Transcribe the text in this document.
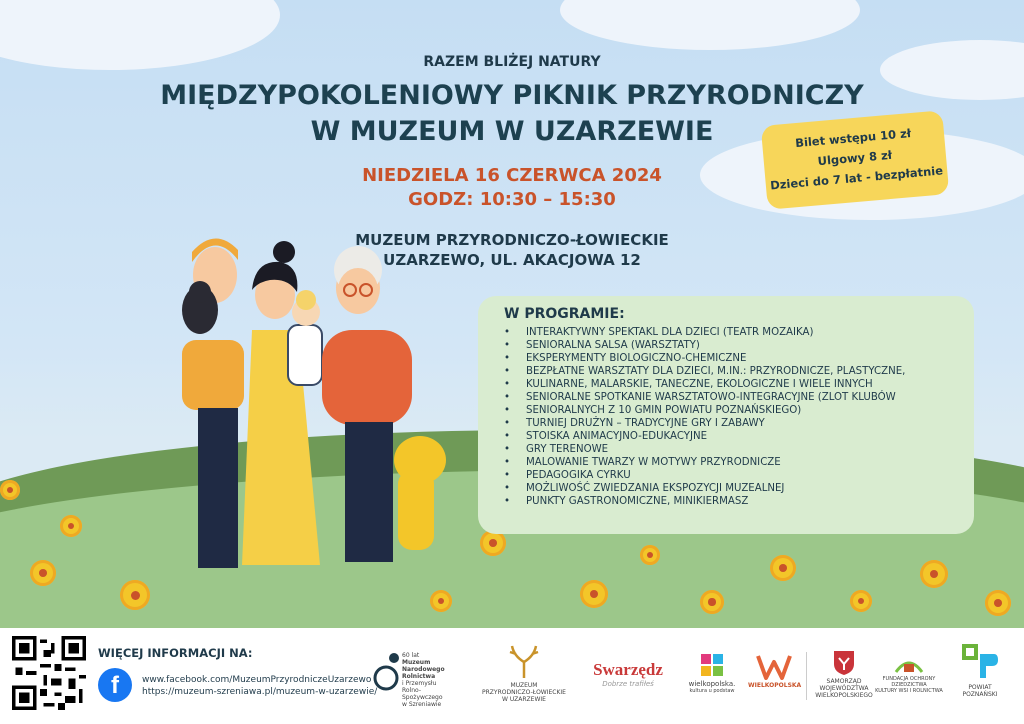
RAZEM BLIŻEJ NATURY
MIĘDZYPOKOLENIOWY PIKNIK PRZYRODNICZY
W MUZEUM W UZARZEWIE
NIEDZIELA 16 CZERWCA 2024
GODZ: 10:30 – 15:30
MUZEUM PRZYRODNICZO-ŁOWIECKIE
UZARZEWO, UL. AKACJOWA 12
Bilet wstępu 10 zł
Ulgowy 8 zł
Dzieci do 7 lat - bezpłatnie
W PROGRAMIE:
• INTERAKTYWNY SPEKTAKL DLA DZIECI (TEATR MOZAIKA)
• SENIORALNA SALSA (WARSZTATY)
• EKSPERYMENTY BIOLOGICZNO-CHEMICZNE
• BEZPŁATNE WARSZTATY DLA DZIECI, M.IN.: PRZYRODNICZE, PLASTYCZNE,
• KULINARNE, MALARSKIE, TANECZNE, EKOLOGICZNE I WIELE INNYCH
• SENIORALNE SPOTKANIE WARSZTATOWO-INTEGRACYJNE (ZLOT KLUBÓW
• SENIORALNYCH Z 10 GMIN POWIATU POZNAŃSKIEGO)
• TURNIEJ DRUŻYN – TRADYCYJNE GRY I ZABAWY
• STOISKA ANIMACYJNO-EDUKACYJNE
• GRY TERENOWE
• MALOWANIE TWARZY W MOTYWY PRZYRODNICZE
• PEDAGOGIKA CYRKU
• MOŻLIWOŚĆ ZWIEDZANIA EKSPOZYCJI MUZEALNEJ
• PUNKTY GASTRONOMICZNE, MINIKIERMASZ
WIĘCEJ INFORMACJI NA:
f	www.facebook.com/MuzeumPrzyrodniczeUzarzewo
https://muzeum-szreniawa.pl/muzeum-w-uzarzewie/
60 lat
Muzeum Narodowego
Rolnictwa
i Przemysłu
Rolno-Spożywczego
w Szreniawie
MUZEUM
PRZYRODNICZO-ŁOWIECKIE
W UZARZEWIE
Swarzędz
Dobrze trafiłeś	wielkopolska.
kultura u podstaw
WIELKOPOLSKA
SAMORZĄD
WOJEWÓDZTWA
WIELKOPOLSKIEGO
FUNDACJA OCHRONY DZIEDZICTWA
KULTURY WSI I ROLNICTWA	POWIAT
POZNAŃSKI
